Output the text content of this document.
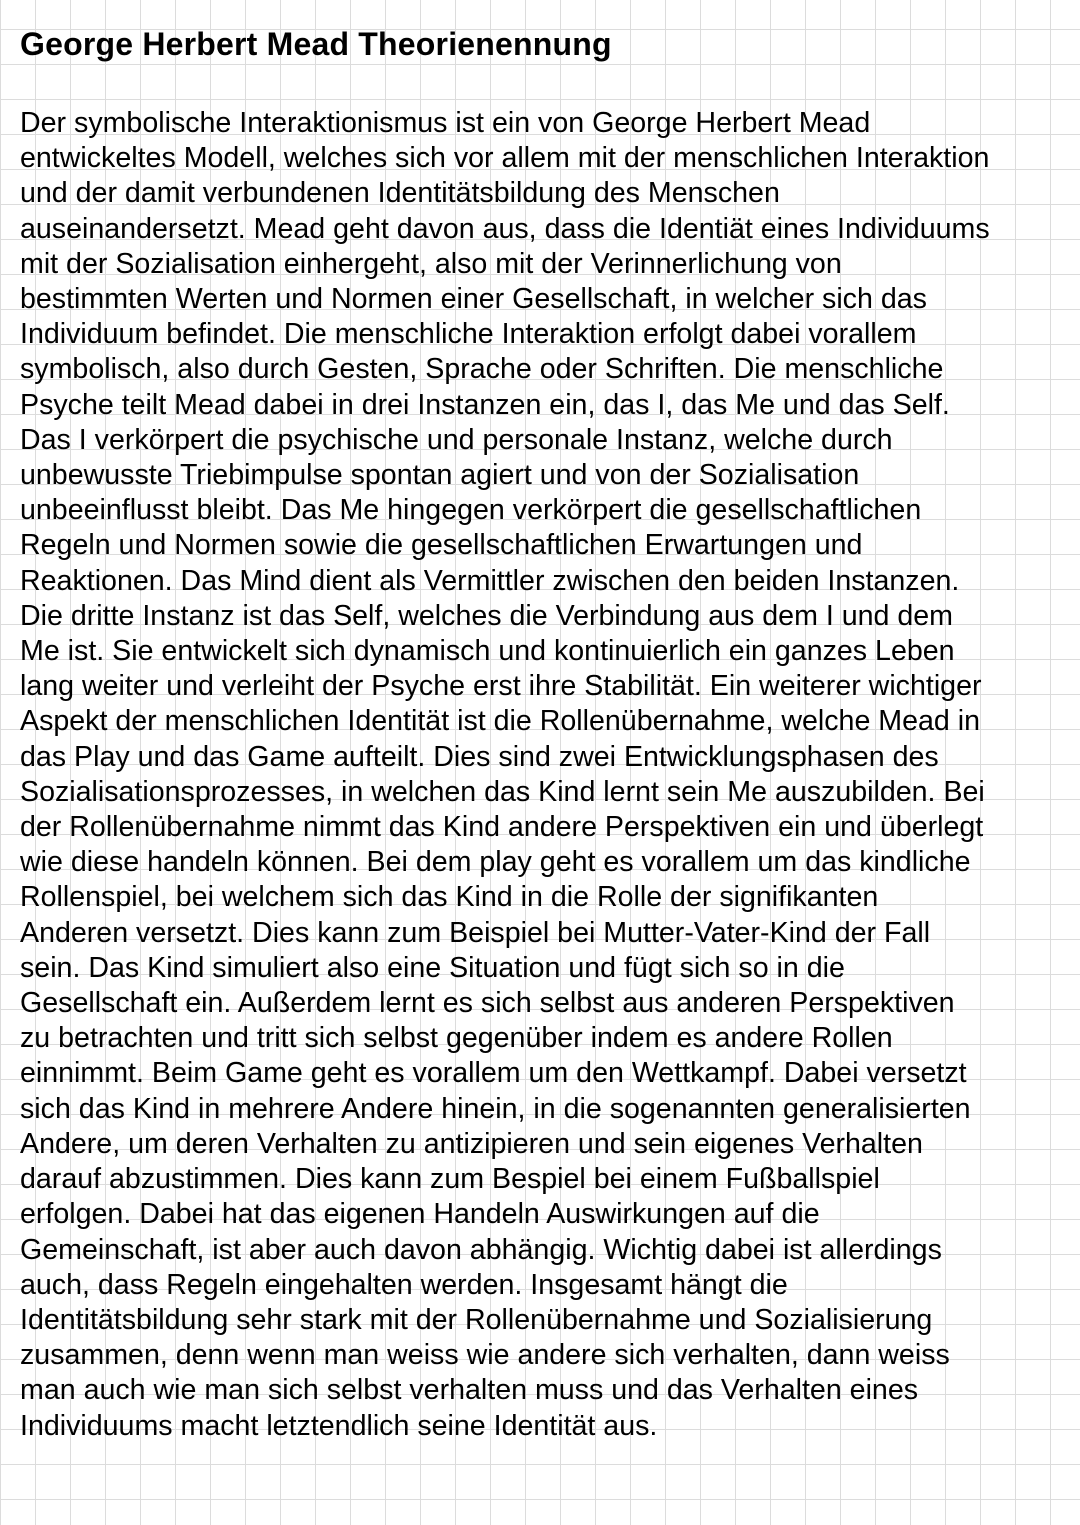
George Herbert Mead Theorienennung
Der symbolische Interaktionismus ist ein von George Herbert Mead
entwickeltes Modell, welches sich vor allem mit der menschlichen Interaktion
und der damit verbundenen Identitätsbildung des Menschen
auseinandersetzt. Mead geht davon aus, dass die Identiät eines Individuums
mit der Sozialisation einhergeht, also mit der Verinnerlichung von
bestimmten Werten und Normen einer Gesellschaft, in welcher sich das
Individuum befindet. Die menschliche Interaktion erfolgt dabei vorallem
symbolisch, also durch Gesten, Sprache oder Schriften. Die menschliche
Psyche teilt Mead dabei in drei Instanzen ein, das I, das Me und das Self.
Das I verkörpert die psychische und personale Instanz, welche durch
unbewusste Triebimpulse spontan agiert und von der Sozialisation
unbeeinflusst bleibt. Das Me hingegen verkörpert die gesellschaftlichen
Regeln und Normen sowie die gesellschaftlichen Erwartungen und
Reaktionen. Das Mind dient als Vermittler zwischen den beiden Instanzen.
Die dritte Instanz ist das Self, welches die Verbindung aus dem I und dem
Me ist. Sie entwickelt sich dynamisch und kontinuierlich ein ganzes Leben
lang weiter und verleiht der Psyche erst ihre Stabilität. Ein weiterer wichtiger
Aspekt der menschlichen Identität ist die Rollenübernahme, welche Mead in
das Play und das Game aufteilt. Dies sind zwei Entwicklungsphasen des
Sozialisationsprozesses, in welchen das Kind lernt sein Me auszubilden. Bei
der Rollenübernahme nimmt das Kind andere Perspektiven ein und überlegt
wie diese handeln können. Bei dem play geht es vorallem um das kindliche
Rollenspiel, bei welchem sich das Kind in die Rolle der signifikanten
Anderen versetzt. Dies kann zum Beispiel bei Mutter-Vater-Kind der Fall
sein. Das Kind simuliert also eine Situation und fügt sich so in die
Gesellschaft ein. Außerdem lernt es sich selbst aus anderen Perspektiven
zu betrachten und tritt sich selbst gegenüber indem es andere Rollen
einnimmt. Beim Game geht es vorallem um den Wettkampf. Dabei versetzt
sich das Kind in mehrere Andere hinein, in die sogenannten generalisierten
Andere, um deren Verhalten zu antizipieren und sein eigenes Verhalten
darauf abzustimmen. Dies kann zum Bespiel bei einem Fußballspiel
erfolgen. Dabei hat das eigenen Handeln Auswirkungen auf die
Gemeinschaft, ist aber auch davon abhängig. Wichtig dabei ist allerdings
auch, dass Regeln eingehalten werden. Insgesamt hängt die
Identitätsbildung sehr stark mit der Rollenübernahme und Sozialisierung
zusammen, denn wenn man weiss wie andere sich verhalten, dann weiss
man auch wie man sich selbst verhalten muss und das Verhalten eines
Individuums macht letztendlich seine Identität aus.
